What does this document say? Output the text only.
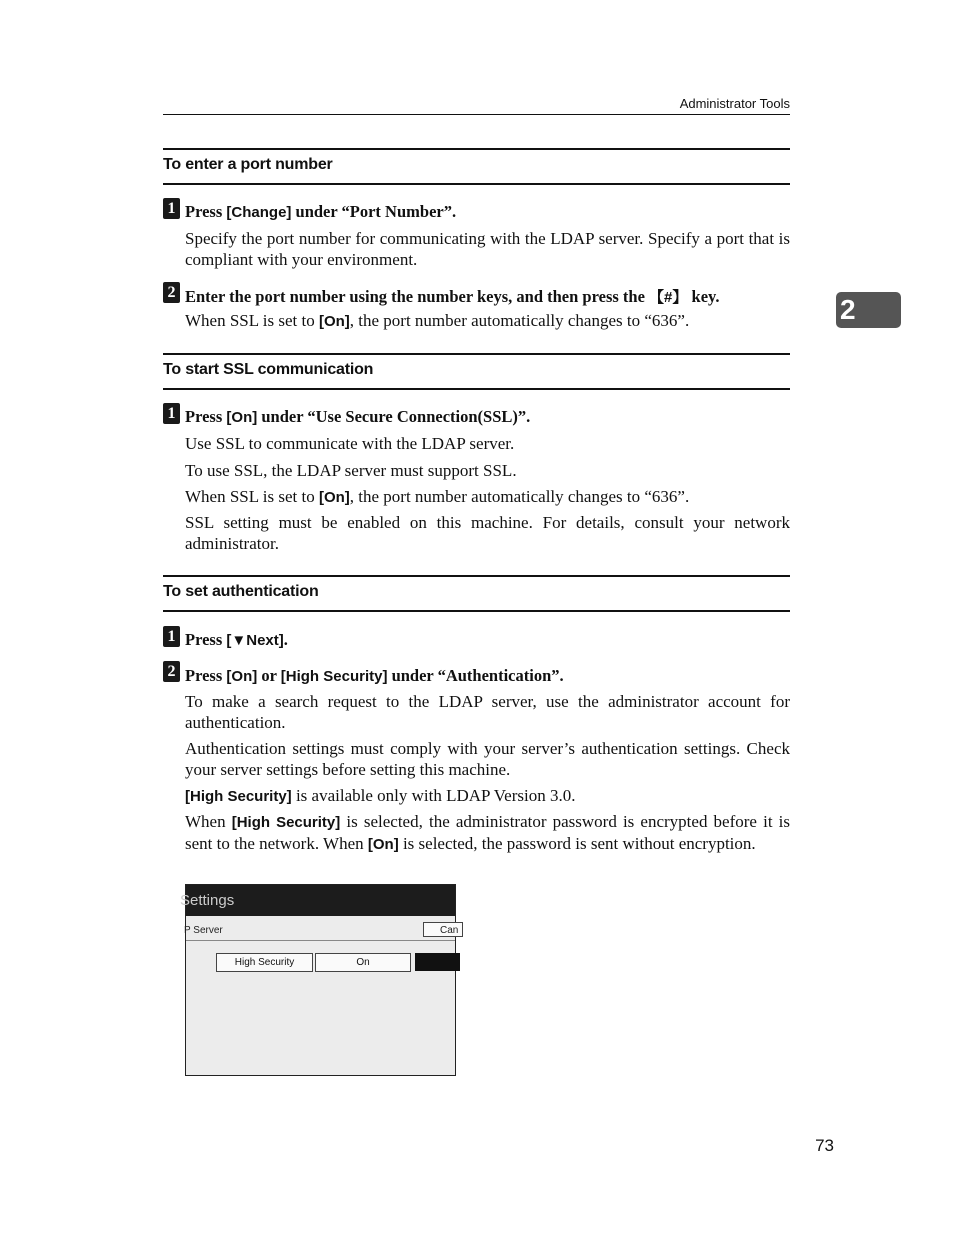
Administrator Tools
2
To enter a port number
1 Press [Change] under “Port Number”.
Specify the port number for communicating with the LDAP server. Specify a port that is compliant with your environment.
2 Enter the port number using the number keys, and then press the 【#】 key.
When SSL is set to [On], the port number automatically changes to “636”.
To start SSL communication
1 Press [On] under “Use Secure Connection(SSL)”.
Use SSL to communicate with the LDAP server.
To use SSL, the LDAP server must support SSL.
When SSL is set to [On], the port number automatically changes to “636”.
SSL setting must be enabled on this machine. For details, consult your network administrator.
To set authentication
1 Press [▼Next].
2 Press [On] or [High Security] under “Authentication”.
To make a search request to the LDAP server, use the administrator account for authentication.
Authentication settings must comply with your server’s authentication settings. Check your server settings before setting this machine.
[High Security] is available only with LDAP Version 3.0.
When [High Security] is selected, the administrator password is encrypted before it is sent to the network. When [On] is selected, the password is sent without encryption.
Settings
P Server	Can
High Security	On
73
